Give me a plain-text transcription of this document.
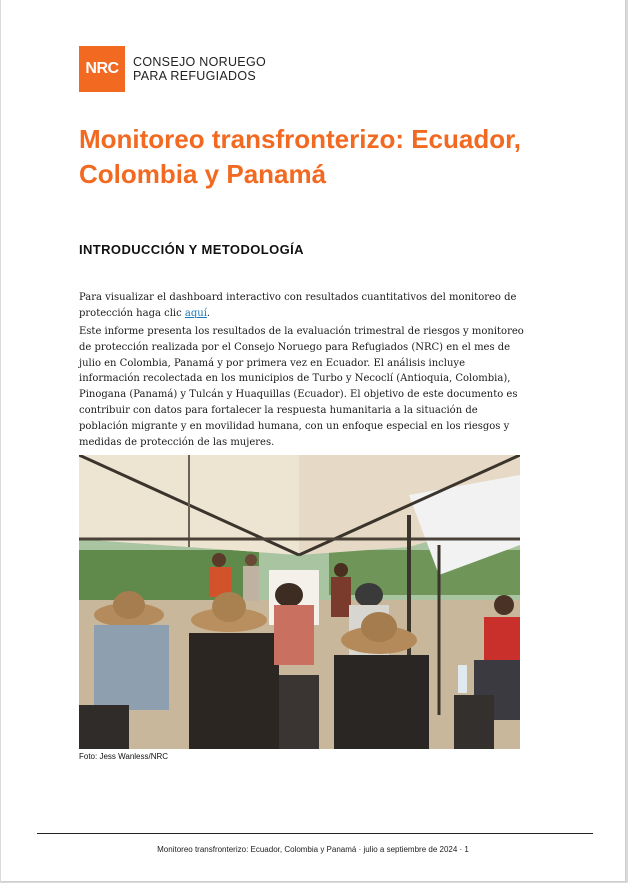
NRC	CONSEJO NORUEGO
PARA REFUGIADOS
Monitoreo transfronterizo: Ecuador, Colombia y Panamá
INTRODUCCIÓN Y METODOLOGÍA

Para visualizar el dashboard interactivo con resultados cuantitativos del monitoreo de protección haga clic aquí.

Este informe presenta los resultados de la evaluación trimestral de riesgos y monitoreo de protección realizada por el Consejo Noruego para Refugiados (NRC) en el mes de julio en Colombia, Panamá y por primera vez en Ecuador. El análisis incluye información recolectada en los municipios de Turbo y Necoclí (Antioquia, Colombia), Pinogana (Panamá) y Tulcán y Huaquillas (Ecuador). El objetivo de este documento es contribuir con datos para fortalecer la respuesta humanitaria a la situación de población migrante y en movilidad humana, con un enfoque especial en los riesgos y medidas de protección de las mujeres.

Foto: Jess Wanless/NRC
Monitoreo transfronterizo: Ecuador, Colombia y Panamá · julio a septiembre de 2024 · 1
